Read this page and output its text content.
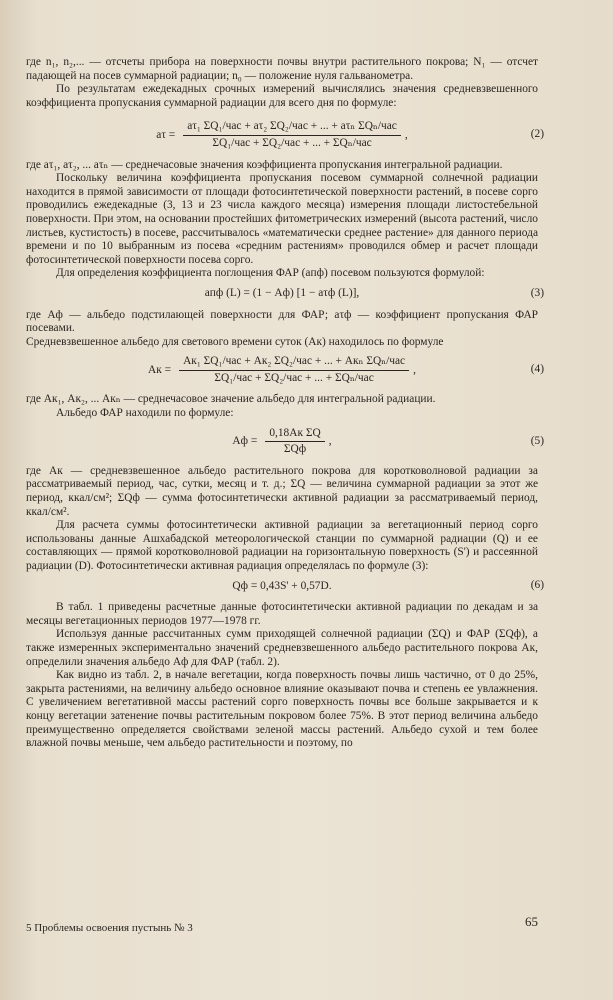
где n₁, n₂,... — отсчеты прибора на поверхности почвы внутри растительного покрова; N₁ — отсчет падающей на посев суммарной радиации; n₀ — положение нуля гальванометра.

По результатам ежедекадных срочных измерений вычислялись значения средневзвешенного коэффициента пропускания суммарной радиации для всего дня по формуле:

$a\tau = \frac{\text{aτ₁ ΣQ₁/час + aτ₂ ΣQ₂/час + ... + aτₙ ΣQₙ/час}}{\text{ΣQ₁/час + ΣQ₂/час + ... + ΣQₙ/час}}$ ,	(2)

где aτ₁, aτ₂, ... aτₙ — среднечасовые значения коэффициента пропускания интегральной радиации.

Поскольку величина коэффициента пропускания посевом суммарной солнечной радиации находится в прямой зависимости от площади фотосинтетической поверхности растений, в посеве сорго проводились ежедекадные (3, 13 и 23 числа каждого месяца) измерения площади листостебельной поверхности. При этом, на основании простейших фитометрических измерений (высота растений, число листьев, кустистость) в посеве, рассчитывалось «математически среднее растение» для данного периода времени и по 10 выбранным из посева «средним растениям» проводился обмер и расчет площади фотосинтетической поверхности посева сорго.

Для определения коэффициента поглощения ФАР (aпф) посевом пользуются формулой:

aпф (L) = (1 − Aф) [1 − aτф (L)],	(3)

где Aф — альбедо подстилающей поверхности для ФАР; aτф — коэффициент пропускания ФАР посевами.

Средневзвешенное альбедо для светового времени суток (Aк) находилось по формуле

Aк = $\frac{\text{Aк₁ ΣQ₁/час + Aк₂ ΣQ₂/час + ... + Aкₙ ΣQₙ/час}}{\text{ΣQ₁/час + ΣQ₂/час + ... + ΣQₙ/час}}$ ,	(4)

где Aк₁, Aк₂, ... Aкₙ — среднечасовое значение альбедо для интегральной радиации.

Альбедо ФАР находили по формуле:

Aф = $\frac{\text{0,18Aк ΣQ}}{\text{ΣQф}}$ ,	(5)

где Aк — средневзвешенное альбедо растительного покрова для коротковолновой радиации за рассматриваемый период, час, сутки, месяц и т. д.; ΣQ — величина суммарной радиации за этот же период, ккал/см²; ΣQф — сумма фотосинтетически активной радиации за рассматриваемый период, ккал/см².

Для расчета суммы фотосинтетически активной радиации за вегетационный период сорго использованы данные Ашхабадской метеорологической станции по суммарной радиации (Q) и ее составляющих — прямой коротковолновой радиации на горизонтальную поверхность (S') и рассеянной радиации (D). Фотосинтетически активная радиация определялась по формуле (3):

Qф = 0,43S' + 0,57D.	(6)

В табл. 1 приведены расчетные данные фотосинтетически активной радиации по декадам и за месяцы вегетационных периодов 1977—1978 гг.

Используя данные рассчитанных сумм приходящей солнечной радиации (ΣQ) и ФАР (ΣQф), а также измеренных экспериментально значений средневзвешенного альбедо растительного покрова Aк, определили значения альбедо Aф для ФАР (табл. 2).

Как видно из табл. 2, в начале вегетации, когда поверхность почвы лишь частично, от 0 до 25%, закрыта растениями, на величину альбедо основное влияние оказывают почва и степень ее увлажнения. С увеличением вегетативной массы растений сорго поверхность почвы все больше закрывается и к концу вегетации затенение почвы растительным покровом более 75%. В этот период величина альбедо преимущественно определяется свойствами зеленой массы растений. Альбедо сухой и тем более влажной почвы меньше, чем альбедо растительности и поэтому, по

5 Проблемы освоения пустынь № 3	65
